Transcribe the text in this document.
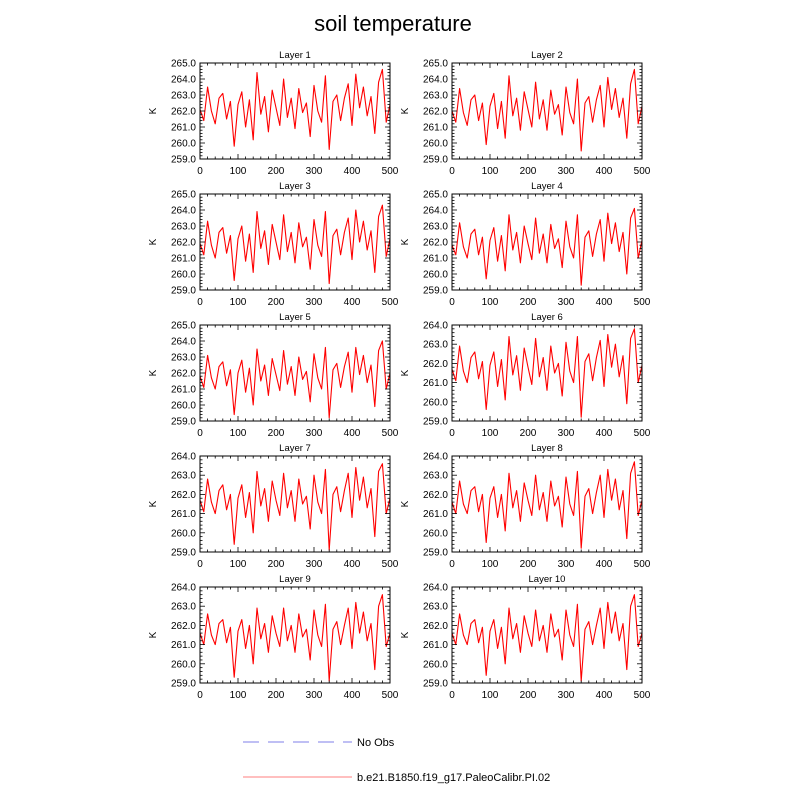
soil temperature
0	100 200 300 400 500
259.0
260.0
261.0
262.0
263.0
264.0
265.0
Layer 1
K
0	100 200 300 400 500
259.0
260.0
261.0
262.0
263.0
264.0
265.0
Layer 2
K
0	100 200 300 400 500
259.0
260.0
261.0
262.0
263.0
264.0
265.0
Layer 3
K
0	100 200 300 400 500
259.0
260.0
261.0
262.0
263.0
264.0
265.0
Layer 4
K
0	100 200 300 400 500
259.0
260.0
261.0
262.0
263.0
264.0
265.0
Layer 5
K
0	100 200 300 400 500
259.0
260.0
261.0
262.0
263.0
264.0
Layer 6
K
0	100 200 300 400 500
259.0
260.0
261.0
262.0
263.0
264.0
Layer 7
K
0	100 200 300 400 500
259.0
260.0
261.0
262.0
263.0
264.0
Layer 8
K
0	100 200 300 400 500
259.0
260.0
261.0
262.0
263.0
264.0
Layer 9
K
0	100 200 300 400 500
259.0
260.0
261.0
262.0
263.0
264.0
Layer 10
K
No Obs
b.e21.B1850.f19_g17.PaleoCalibr.PI.02
